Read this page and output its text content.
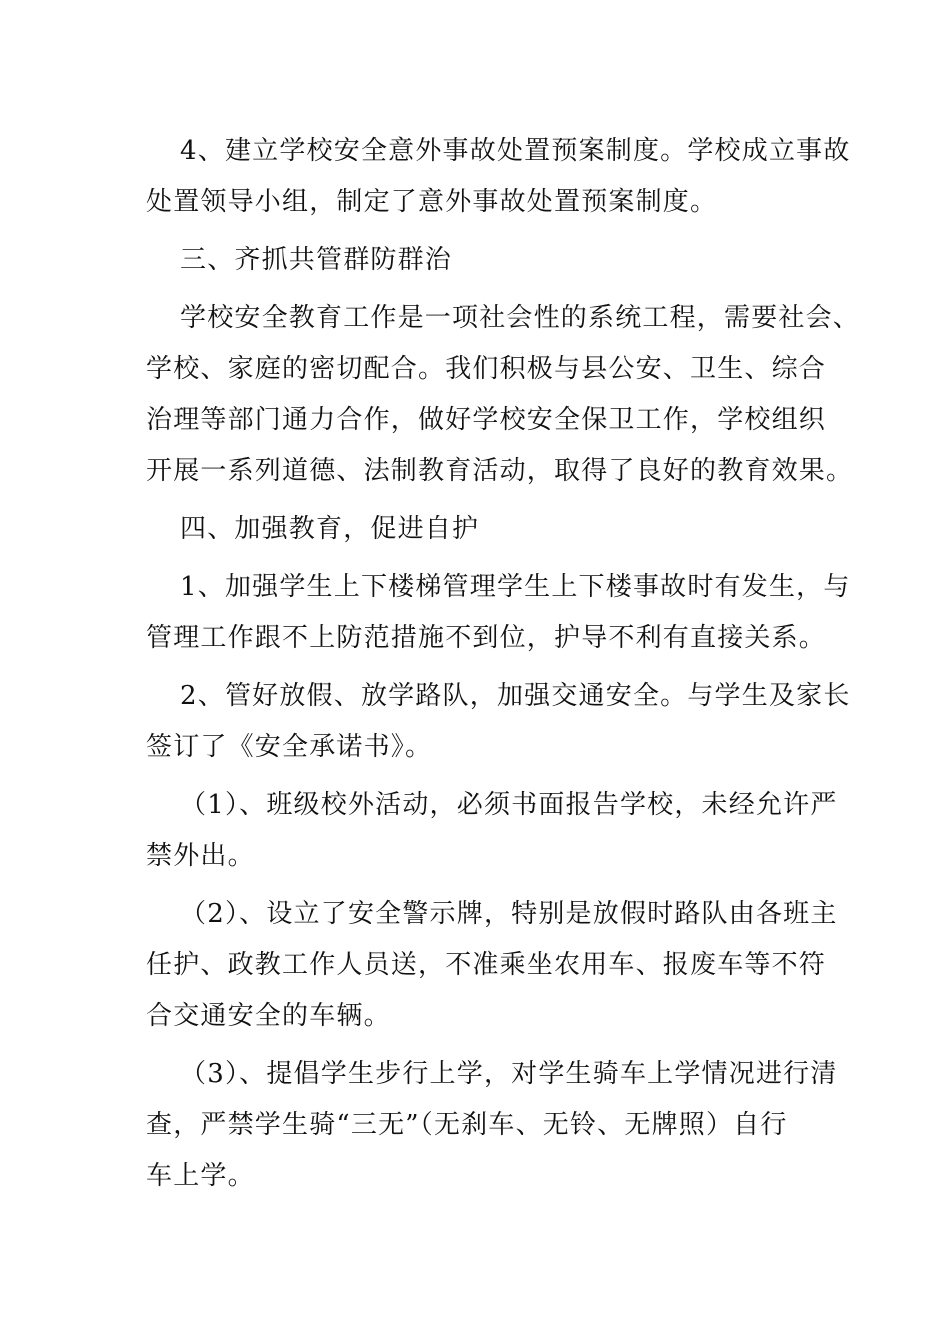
4、建立学校安全意外事故处置预案制度。学校成立事故
处置领导小组，制定了意外事故处置预案制度。
三、齐抓共管群防群治
学校安全教育工作是一项社会性的系统工程，需要社会、
学校、家庭的密切配合。我们积极与县公安、卫生、综合
治理等部门通力合作，做好学校安全保卫工作，学校组织
开展一系列道德、法制教育活动，取得了良好的教育效果。
四、加强教育，促进自护
1、加强学生上下楼梯管理学生上下楼事故时有发生，与
管理工作跟不上防范措施不到位，护导不利有直接关系。
2、管好放假、放学路队，加强交通安全。与学生及家长
签订了《安全承诺书》。
（1）、班级校外活动，必须书面报告学校，未经允许严
禁外出。
（2）、设立了安全警示牌，特别是放假时路队由各班主
任护、政教工作人员送，不准乘坐农用车、报废车等不符
合交通安全的车辆。
（3）、提倡学生步行上学，对学生骑车上学情况进行清
查，严禁学生骑“三无”（无刹车、无铃、无牌照）自行
车上学。
